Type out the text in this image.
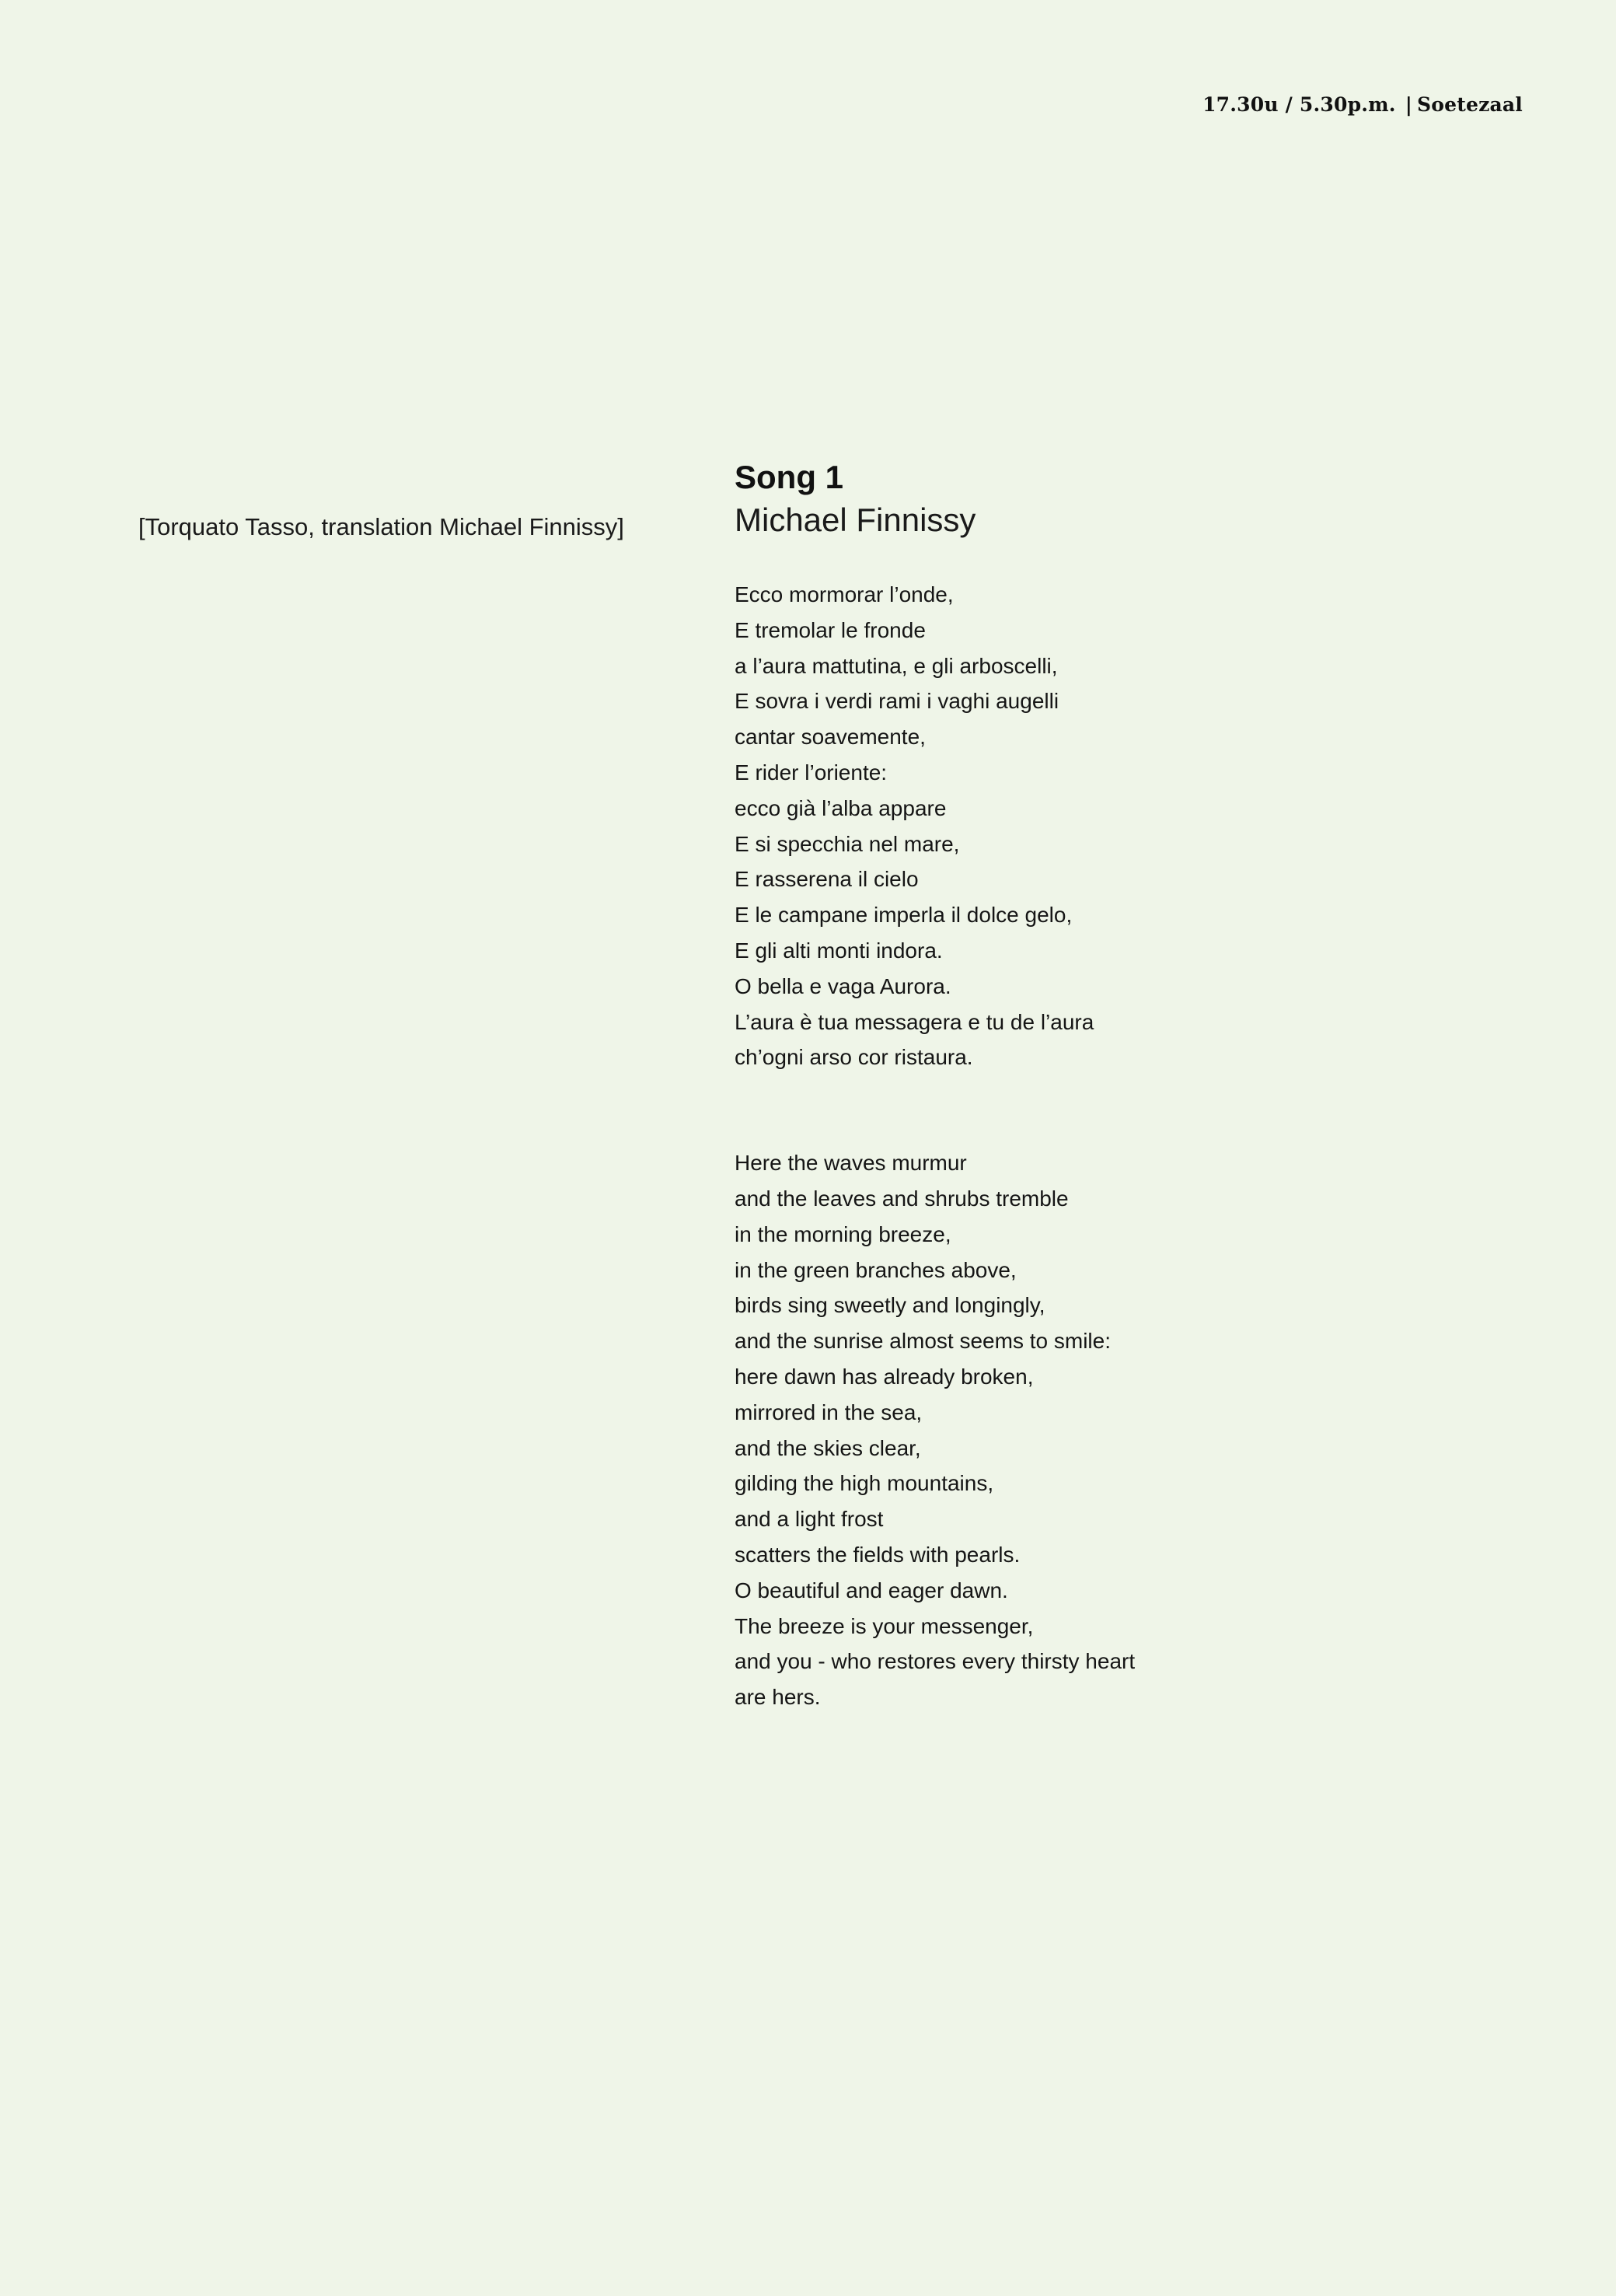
17.30u / 5.30p.m. | Soetezaal
[Torquato Tasso, translation Michael Finnissy]
Song 1
Michael Finnissy
Ecco mormorar l’onde,
E tremolar le fronde
a l’aura mattutina, e gli arboscelli,
E sovra i verdi rami i vaghi augelli
cantar soavemente,
E rider l’oriente:
ecco già l’alba appare
E si specchia nel mare,
E rasserena il cielo
E le campane imperla il dolce gelo,
E gli alti monti indora.
O bella e vaga Aurora.
L’aura è tua messagera e tu de l’aura
ch’ogni arso cor ristaura.
Here the waves murmur
and the leaves and shrubs tremble
in the morning breeze,
in the green branches above,
birds sing sweetly and longingly,
and the sunrise almost seems to smile:
here dawn has already broken,
mirrored in the sea,
and the skies clear,
gilding the high mountains,
and a light frost
scatters the fields with pearls.
O beautiful and eager dawn.
The breeze is your messenger,
and you - who restores every thirsty heart
are hers.
